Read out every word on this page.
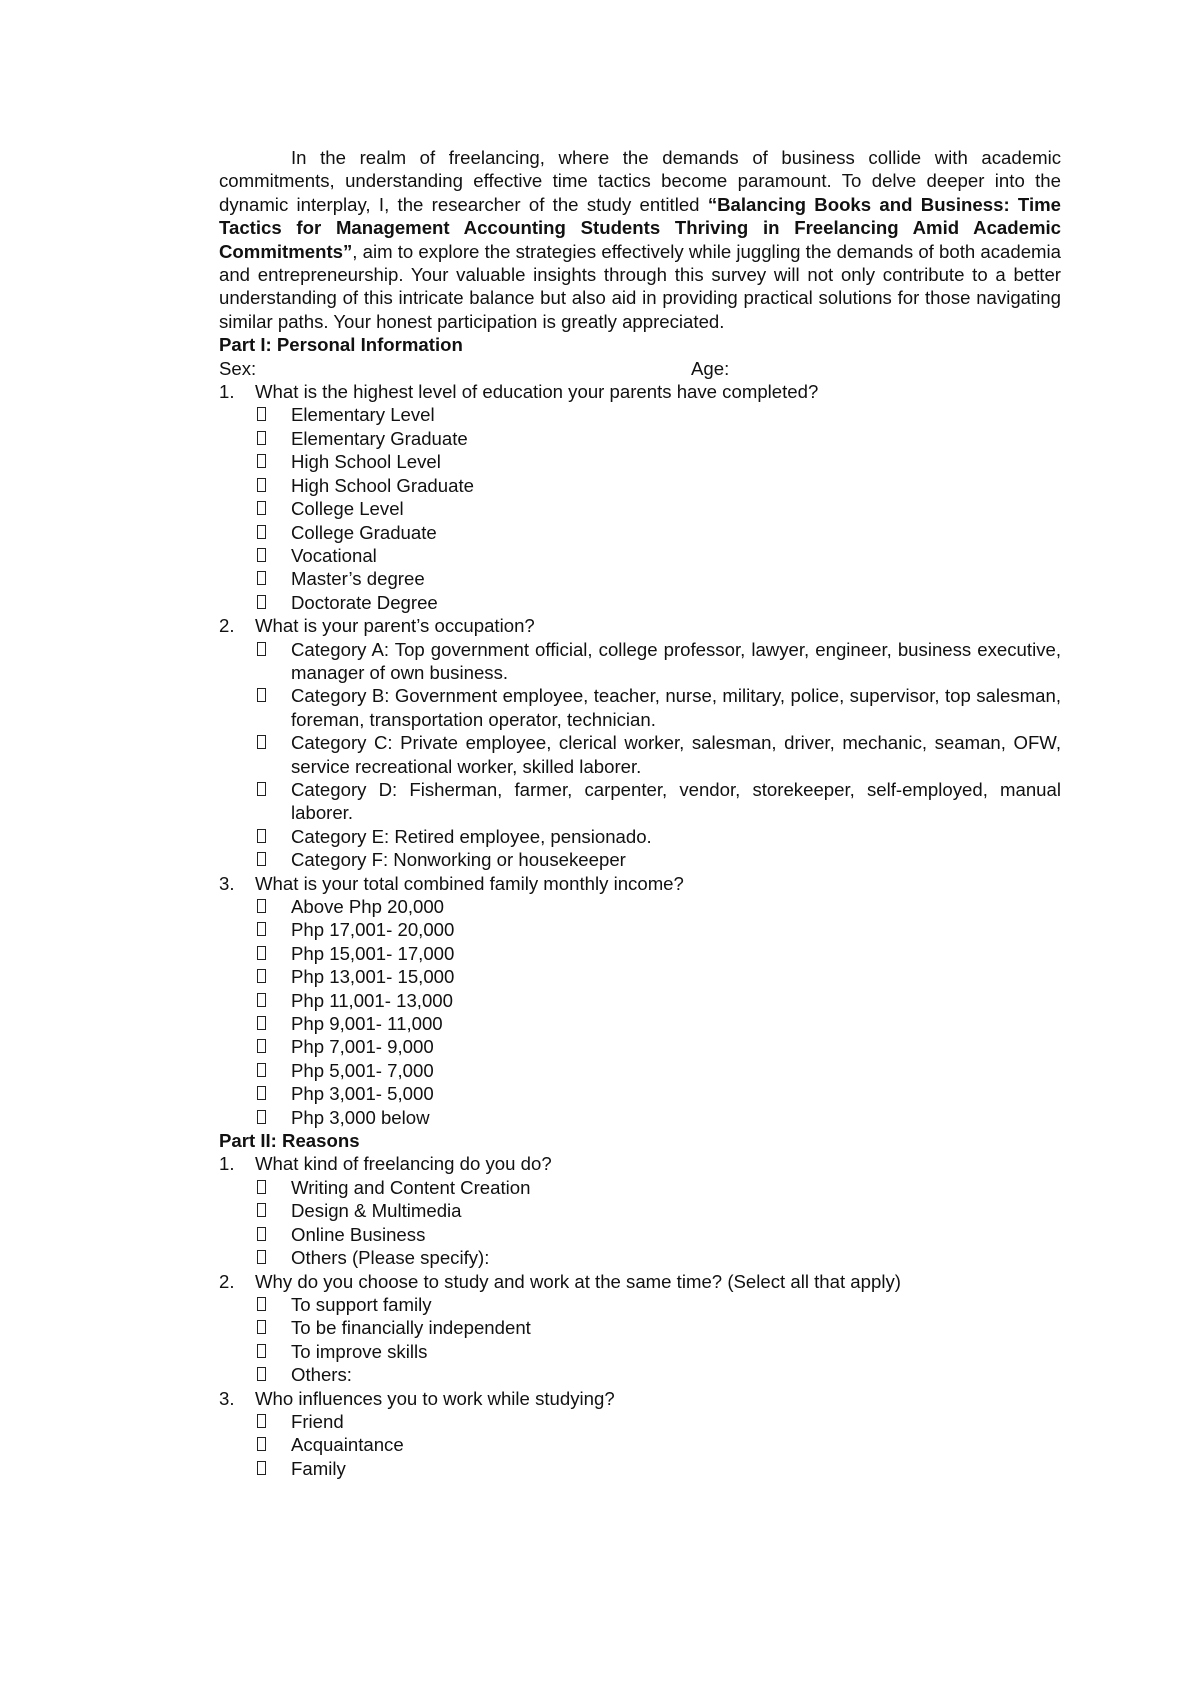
In the realm of freelancing, where the demands of business collide with academic commitments, understanding effective time tactics become paramount. To delve deeper into the dynamic interplay, I, the researcher of the study entitled “Balancing Books and Business: Time Tactics for Management Accounting Students Thriving in Freelancing Amid Academic Commitments”, aim to explore the strategies effectively while juggling the demands of both academia and entrepreneurship. Your valuable insights through this survey will not only contribute to a better understanding of this intricate balance but also aid in providing practical solutions for those navigating similar paths. Your honest participation is greatly appreciated.

Part I: Personal Information

Sex:	Age:
1.	What is the highest level of education your parents have completed?
Elementary Level
Elementary Graduate
High School Level
High School Graduate
College Level
College Graduate
Vocational
Master’s degree
Doctorate Degree
2.	What is your parent’s occupation?
Category A: Top government official, college professor, lawyer, engineer, business executive, manager of own business.
Category B: Government employee, teacher, nurse, military, police, supervisor, top salesman, foreman, transportation operator, technician.
Category C: Private employee, clerical worker, salesman, driver, mechanic, seaman, OFW, service recreational worker, skilled laborer.
Category D: Fisherman, farmer, carpenter, vendor, storekeeper, self-employed, manual laborer.
Category E: Retired employee, pensionado.
Category F: Nonworking or housekeeper
3.	What is your total combined family monthly income?
Above Php 20,000
Php 17,001- 20,000
Php 15,001- 17,000
Php 13,001- 15,000
Php 11,001- 13,000
Php 9,001- 11,000
Php 7,001- 9,000
Php 5,001- 7,000
Php 3,001- 5,000
Php 3,000 below

Part II: Reasons

1.	What kind of freelancing do you do?
Writing and Content Creation
Design & Multimedia
Online Business
Others (Please specify):
2.	Why do you choose to study and work at the same time? (Select all that apply)
To support family
To be financially independent
To improve skills
Others:
3.	Who influences you to work while studying?
Friend
Acquaintance
Family
